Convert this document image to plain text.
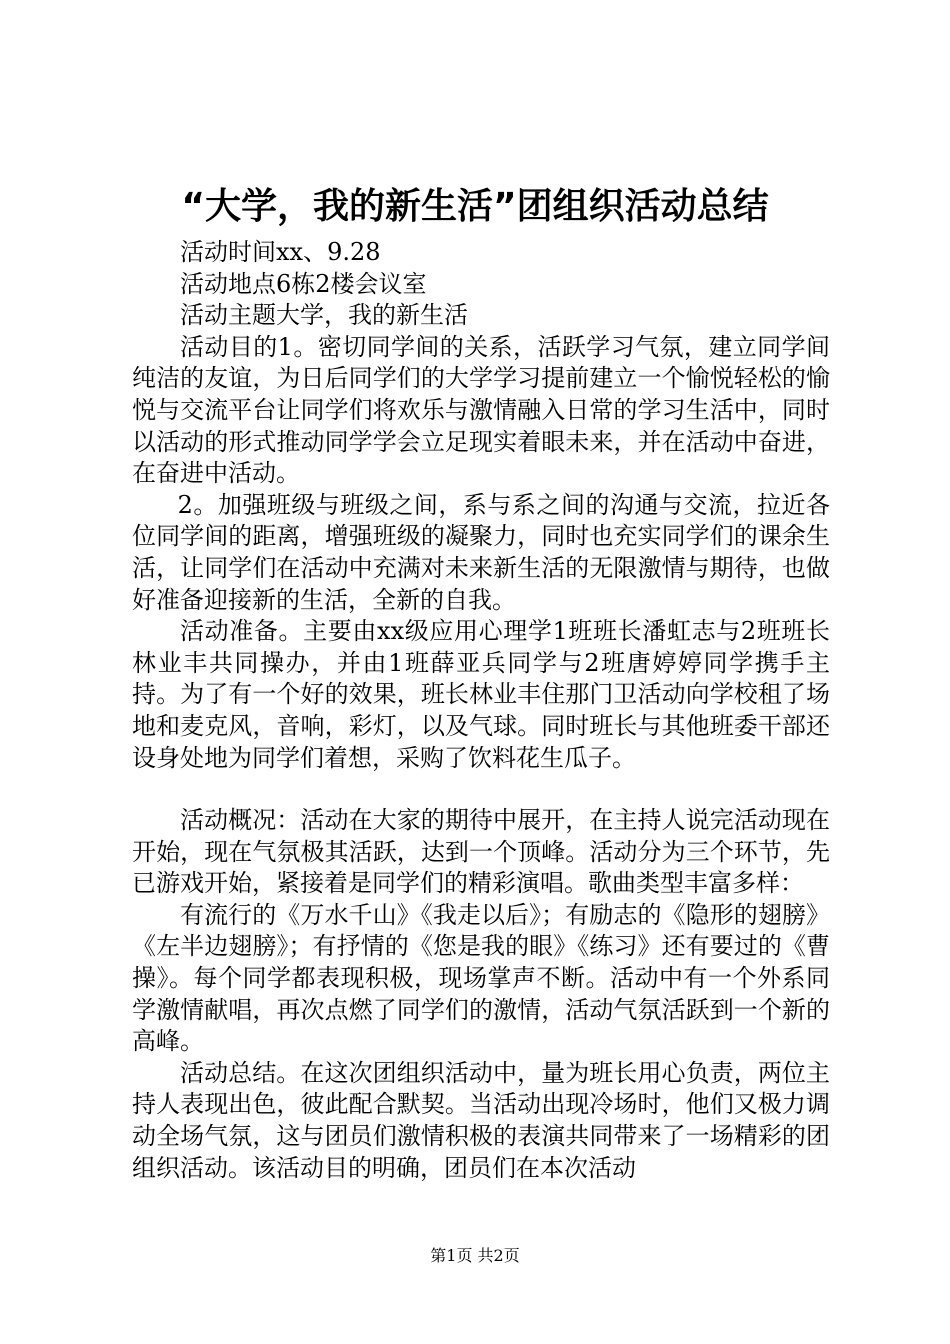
“大学，我的新生活”团组织活动总结

活动时间xx、9.28

活动地点6栋2楼会议室

活动主题大学，我的新生活

活动目的1。密切同学间的关系，活跃学习气氛，建立同学间纯洁的友谊，为日后同学们的大学学习提前建立一个愉悦轻松的愉悦与交流平台让同学们将欢乐与激情融入日常的学习生活中，同时以活动的形式推动同学学会立足现实着眼未来，并在活动中奋进，在奋进中活动。

2。加强班级与班级之间，系与系之间的沟通与交流，拉近各位同学间的距离，增强班级的凝聚力，同时也充实同学们的课余生活，让同学们在活动中充满对未来新生活的无限激情与期待，也做好准备迎接新的生活，全新的自我。

活动准备。主要由xx级应用心理学1班班长潘虹志与2班班长林业丰共同操办，并由1班薛亚兵同学与2班唐婷婷同学携手主持。为了有一个好的效果，班长林业丰住那门卫活动向学校租了场地和麦克风，音响，彩灯，以及气球。同时班长与其他班委干部还设身处地为同学们着想，采购了饮料花生瓜子。

活动概况：活动在大家的期待中展开，在主持人说完活动现在开始，现在气氛极其活跃，达到一个顶峰。活动分为三个环节，先已游戏开始，紧接着是同学们的精彩演唱。歌曲类型丰富多样：

有流行的《万水千山》《我走以后》；有励志的《隐形的翅膀》《左半边翅膀》；有抒情的《您是我的眼》《练习》还有要过的《曹操》。每个同学都表现积极，现场掌声不断。活动中有一个外系同学激情献唱，再次点燃了同学们的激情，活动气氛活跃到一个新的高峰。

活动总结。在这次团组织活动中，量为班长用心负责，两位主持人表现出色，彼此配合默契。当活动出现冷场时，他们又极力调动全场气氛，这与团员们激情积极的表演共同带来了一场精彩的团组织活动。该活动目的明确，团员们在本次活动

第1页 共2页
